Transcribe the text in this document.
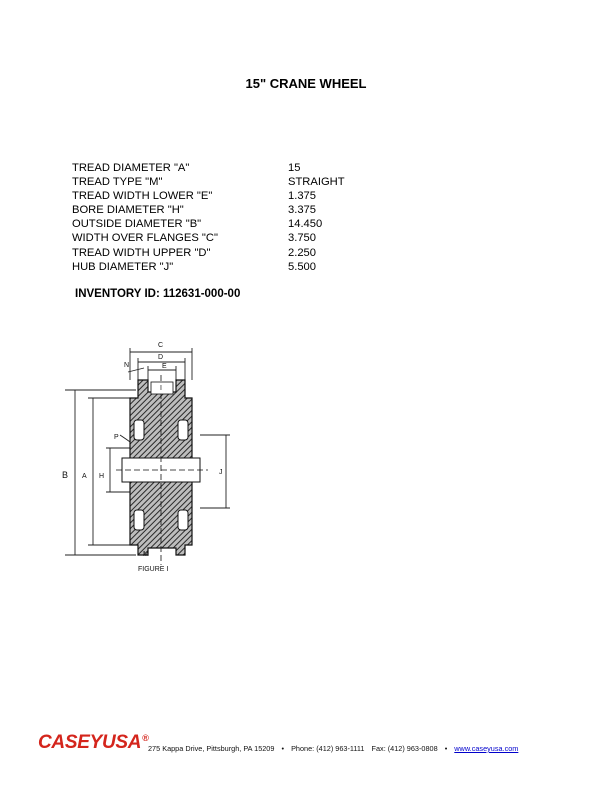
15" CRANE WHEEL
TREAD DIAMETER "A"	15
TREAD TYPE "M"	STRAIGHT
TREAD WIDTH LOWER "E"	1.375
BORE DIAMETER "H"	3.375
OUTSIDE DIAMETER "B"	14.450
WIDTH OVER FLANGES "C"	3.750
TREAD WIDTH UPPER "D"	2.250
HUB DIAMETER "J"	5.500
INVENTORY ID: 112631-000-00
C
D
E
N
I
P
B A H
J
M
FIGURE I
CASEYUSA®
275 Kappa Drive, Pittsburgh, PA 15209 • Phone: (412) 963-1111 Fax: (412) 963-0808 • www.caseyusa.com
